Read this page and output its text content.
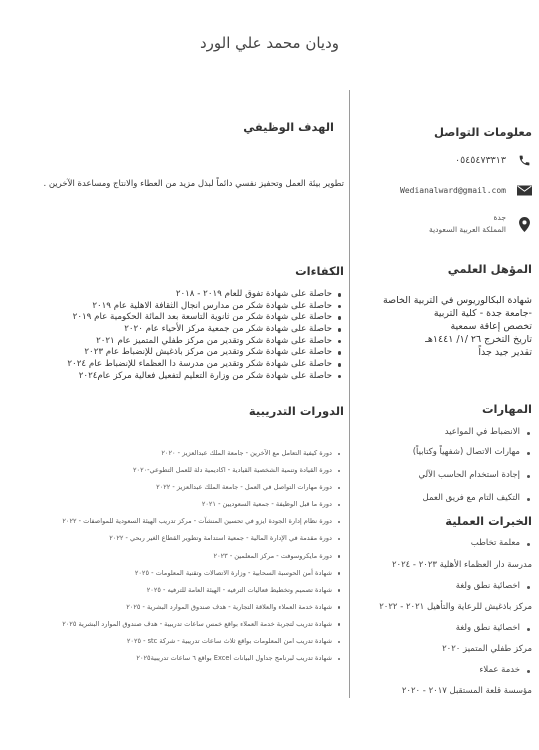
وديان محمد علي الورد
معلومات التواصل
٠٥٤٥٤٧٣٣١٣
Wedianalward@gmail.com
جدة
المملكة العربية السعودية
المؤهل العلمي
شهادة البكالوريوس في التربية الخاصة
-جامعة جدة - كلية التربية
تخصص إعاقة سمعية
تاريخ التخرج ٢٦ /١/ ١٤٤١هـ
تقدير جيد جداً
المهارات
الانضباط في المواعيد
مهارات الاتصال (شفهياً وكتابياً)
إجادة استخدام الحاسب الآلي
التكيف التام مع فريق العمل
الخبرات العملية
معلمة تخاطب
مدرسة دار العظماء الأهلية ٢٠٢٣ - ٢٠٢٤
اخصائية نطق ولغة
مركز باذغيش للرعاية والتأهيل ٢٠٢١ - ٢٠٢٢
اخصائية نطق ولغة
مركز طفلي المتميز ٢٠٢٠
خدمة عملاء
مؤسسة قلعة المستقبل ٢٠١٧ - ٢٠٢٠
الهدف الوظيفي
تطوير بيئة العمل وتحفيز نفسي دائماً لبذل مزيد من العطاء والانتاج ومساعدة الآخرين .
الكفاءات
حاصلة على شهادة تفوق للعام ٢٠١٩ - ٢٠١٨
حاصلة على شهادة شكر من مدارس انجال الثقافة الاهلية عام ٢٠١٩
حاصلة على شهادة شكر من ثانوية التاسعة بعد المائة الحكومية عام ٢٠١٩
حاصلة على شهادة شكر من جمعية مركز الأحياء عام ٢٠٢٠
حاصلة على شهادة شكر وتقدير من مركز طفلي المتميز عام ٢٠٢١
حاصلة على شهادة شكر وتقدير من مركز باذغيش للإنضباط عام ٢٠٢٣
حاصلة على شهادة شكر وتقدير من مدرسة دا العظماء للإنضباط عام ٢٠٢٤
حاصلة على شهادة شكر من وزارة التعليم لتفعيل فعالية مركز عام٢٠٢٤
الدورات التدريبية
دورة كيفية التعامل مع الآخرين - جامعة الملك عبدالعزيز - ٢٠٢٠
دورة القيادة وتنمية الشخصية القيادية - اكاديمية دلة للعمل التطوعي-٢٠٢٠
دورة مهارات التواصل في العمل - جامعة الملك عبدالعزيز - ٢٠٢٢
دورة ما قبل الوظيفة - جمعية السعوديين - ٢٠٢١
دورة نظام إدارة الجودة ايزو في تحسين المنشآت - مركز تدريب الهيئة السعودية للمواصفات - ٢٠٢٢
دورة مقدمة في الإدارة المالية - جمعية استدامة وتطوير القطاع الغير ربحي - ٢٠٢٢
دورة مايكروسوفت - مركز المعلمين - ٢٠٢٣
شهادة أمن الحوسبة السحابية - وزارة الاتصالات وتقنية المعلومات - ٢٠٢٥
شهادة تصميم وتخطيط فعاليات الترفيه - الهيئة العامة للترفيه - ٢٠٢٥
شهادة خدمة العملاء والعلاقة التجارية - هدف صندوق الموارد البشرية - ٢٠٢٥
شهادة تدريب لتجربة خدمة العملاء بواقع خمس ساعات تدريبية - هدف صندوق الموارد البشرية ٢٠٢٥
شهادة تدريب امن المعلومات بواقع ثلاث ساعات تدريبية - شركة stc - ٢٠٢٥
شهادة تدريب لبرنامج جداول البيانات Excel بواقع ٦ ساعات تدريبية٢٠٢٥
